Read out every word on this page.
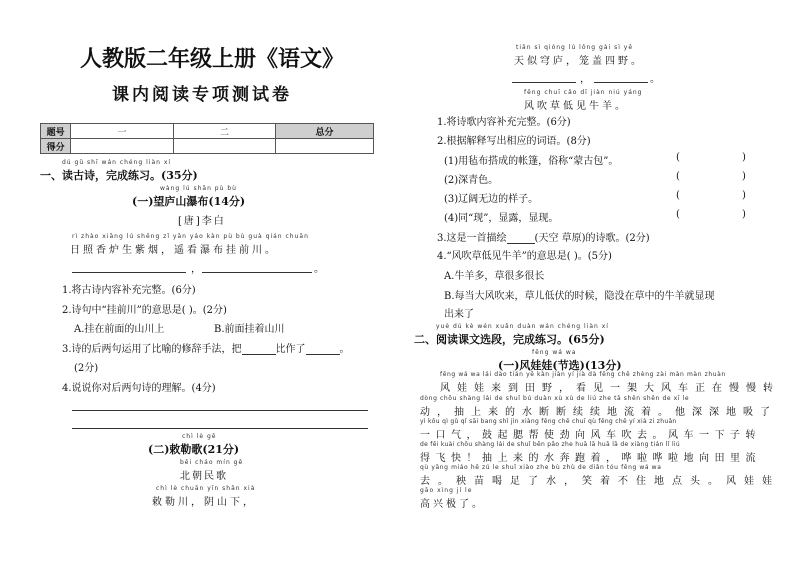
人教版二年级上册《语文》
课内阅读专项测试卷
题号	一	二	总分
得分			
dú gǔ shī wán chéng liàn xí
一、读古诗，完成练习。(35分)
wàng lú shān pù bù
(一)望庐山瀑布(14分)
[唐]李白
rì zhào xiāng lú shēng zǐ yān yáo kàn pù bù guà qián chuān
日照香炉生紫烟，遥看瀑布挂前川。
，	。
1.将古诗内容补充完整。(6分)
2.诗句中“挂前川”的意思是( )。(2分)
A.挂在前面的山川上	B.前面挂着山川
3.诗的后两句运用了比喻的修辞手法，把	比作了	。
(2分)
4.说说你对后两句诗的理解。(4分)
chì lè gē
(二)敕勒歌(21分)
běi cháo mín gē
北朝民歌
chì lè chuān yīn shān xià
敕勒川，阴山下，
tiān sì qióng lú lǒng gài sì yě
天似穹庐，笼盖四野。
，	。
fēng chuī cǎo dī jiàn niú yáng
风吹草低见牛羊。
1.将诗歌内容补充完整。(6分)
2.根据解释写出相应的词语。(8分)
(1)用毡布搭成的帐篷，俗称“蒙古包”。	(	)
(2)深青色。	(	)
(3)辽阔无边的样子。	(	)
(4)同“现”，显露，显现。	(	)
3.这是一首描绘	(天空 草原)的诗歌。(2分)
4.“风吹草低见牛羊”的意思是( )。(5分)
A.牛羊多，草很多很长
B.每当大风吹来，草儿低伏的时候，隐没在草中的牛羊就显现
出来了
yuè dú kè wén xuǎn duàn wán chéng liàn xí
二、阅读课文选段，完成练习。(65分)
fēng wá wa
(一)风娃娃(节选)(13分)
fēng wá wa lái dào tián yě kàn jiàn yí jià dà fēng chē zhèng zài màn màn zhuàn
风娃娃来到田野，看见一架大风车正在慢慢转
dòng chōu shàng lái de shuǐ bú duàn xù xù de liú zhe tā shēn shēn de xī le
动，抽上来的水断断续续地流着。他深深地吸了
yì kǒu qì gǔ qǐ sāi bang shǐ jìn xiàng fēng chē chuī qù fēng chē yí xià zi zhuǎn
一口气，鼓起腮帮使劲向风车吹去。风车一下子转
de fēi kuài chōu shàng lái de shuǐ bēn pǎo zhe huā lā huā lā de xiàng tián lǐ liú
得飞快！抽上来的水奔跑着，哗啦哗啦地向田里流
qù yāng miáo hē zú le shuǐ xiào zhe bù zhù de diǎn tóu fēng wá wa
去。秧苗喝足了水，笑着不住地点头。风娃娃
gāo xìng jí le
高兴极了。
